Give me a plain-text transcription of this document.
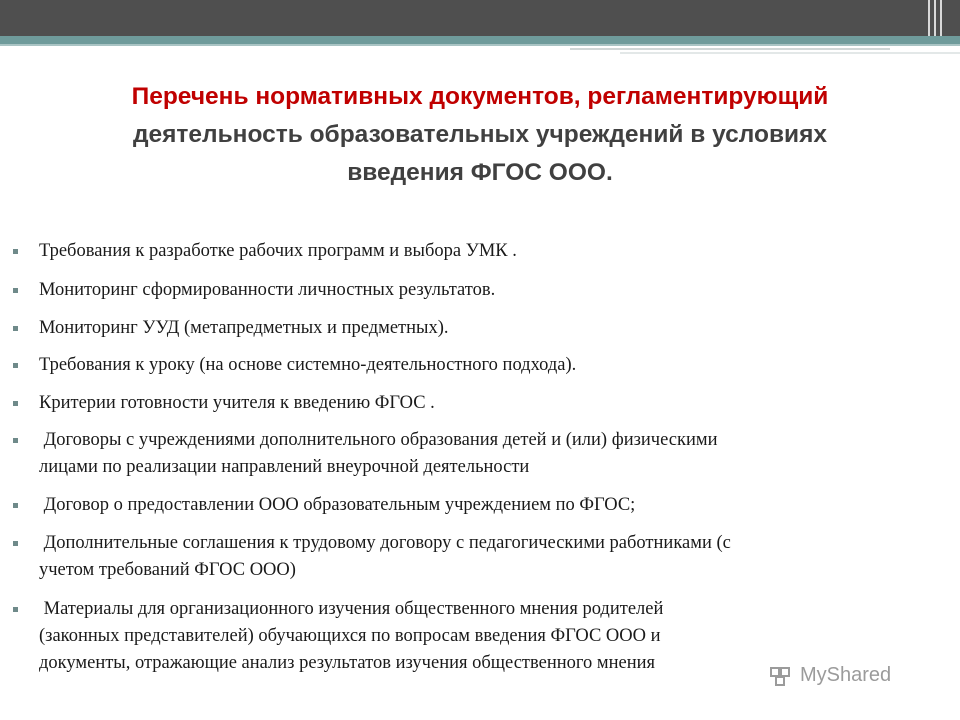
Перечень нормативных документов, регламентирующий
деятельность образовательных учреждений в условиях
введения ФГОС ООО.
Требования к разработке рабочих программ и выбора УМК .
Мониторинг сформированности личностных результатов.
Мониторинг УУД (метапредметных и предметных).
Требования к уроку (на основе системно-деятельностного подхода).
Критерии готовности учителя к введению ФГОС .
Договоры с учреждениями дополнительного образования детей и (или) физическими
лицами по реализации направлений внеурочной деятельности
Договор о предоставлении ООО образовательным учреждением по ФГОС;
Дополнительные соглашения к трудовому договору с педагогическими работниками (с
учетом требований ФГОС ООО)
Материалы для организационного изучения общественного мнения родителей
(законных представителей) обучающихся по вопросам введения ФГОС ООО и
документы, отражающие анализ результатов изучения общественного мнения
MyShared
